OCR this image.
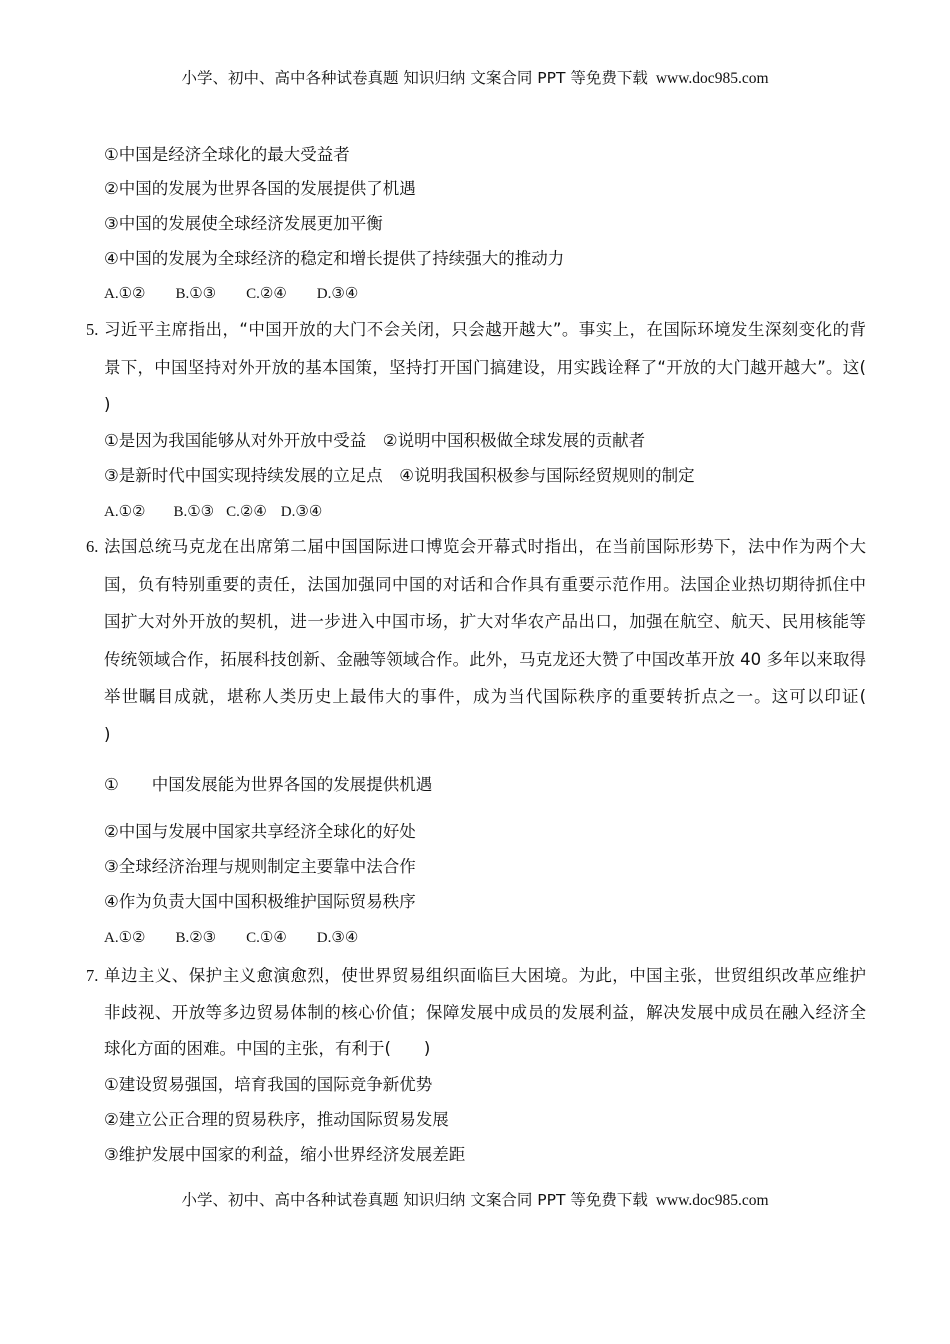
小学、初中、高中各种试卷真题 知识归纳 文案合同 PPT 等免费下载 www.doc985.com
①中国是经济全球化的最大受益者
②中国的发展为世界各国的发展提供了机遇
③中国的发展使全球经济发展更加平衡
④中国的发展为全球经济的稳定和增长提供了持续强大的推动力
A.①② B.①③ C.②④ D.③④
5. 习近平主席指出，“中国开放的大门不会关闭，只会越开越大”。事实上，在国际环境发生深刻变化的背
景下，中国坚持对外开放的基本国策，坚持打开国门搞建设，用实践诠释了“开放的大门越开越大”。这(
)
①是因为我国能够从对外开放中受益　②说明中国积极做全球发展的贡献者
③是新时代中国实现持续发展的立足点　④说明我国积极参与国际经贸规则的制定
A.①② B.①③ C.②④ D.③④
6. 法国总统马克龙在出席第二届中国国际进口博览会开幕式时指出，在当前国际形势下，法中作为两个大
国，负有特别重要的责任，法国加强同中国的对话和合作具有重要示范作用。法国企业热切期待抓住中
国扩大对外开放的契机，进一步进入中国市场，扩大对华农产品出口，加强在航空、航天、民用核能等
传统领域合作，拓展科技创新、金融等领域合作。此外，马克龙还大赞了中国改革开放 40 多年以来取得
举世瞩目成就，堪称人类历史上最伟大的事件，成为当代国际秩序的重要转折点之一。这可以印证(
)
①　　中国发展能为世界各国的发展提供机遇
②中国与发展中国家共享经济全球化的好处
③全球经济治理与规则制定主要靠中法合作
④作为负责大国中国积极维护国际贸易秩序
A.①② B.②③ C.①④ D.③④
7. 单边主义、保护主义愈演愈烈，使世界贸易组织面临巨大困境。为此，中国主张，世贸组织改革应维护
非歧视、开放等多边贸易体制的核心价值；保障发展中成员的发展利益，解决发展中成员在融入经济全
球化方面的困难。中国的主张，有利于(　　)
①建设贸易强国，培育我国的国际竞争新优势
②建立公正合理的贸易秩序，推动国际贸易发展
③维护发展中国家的利益，缩小世界经济发展差距
小学、初中、高中各种试卷真题 知识归纳 文案合同 PPT 等免费下载 www.doc985.com
